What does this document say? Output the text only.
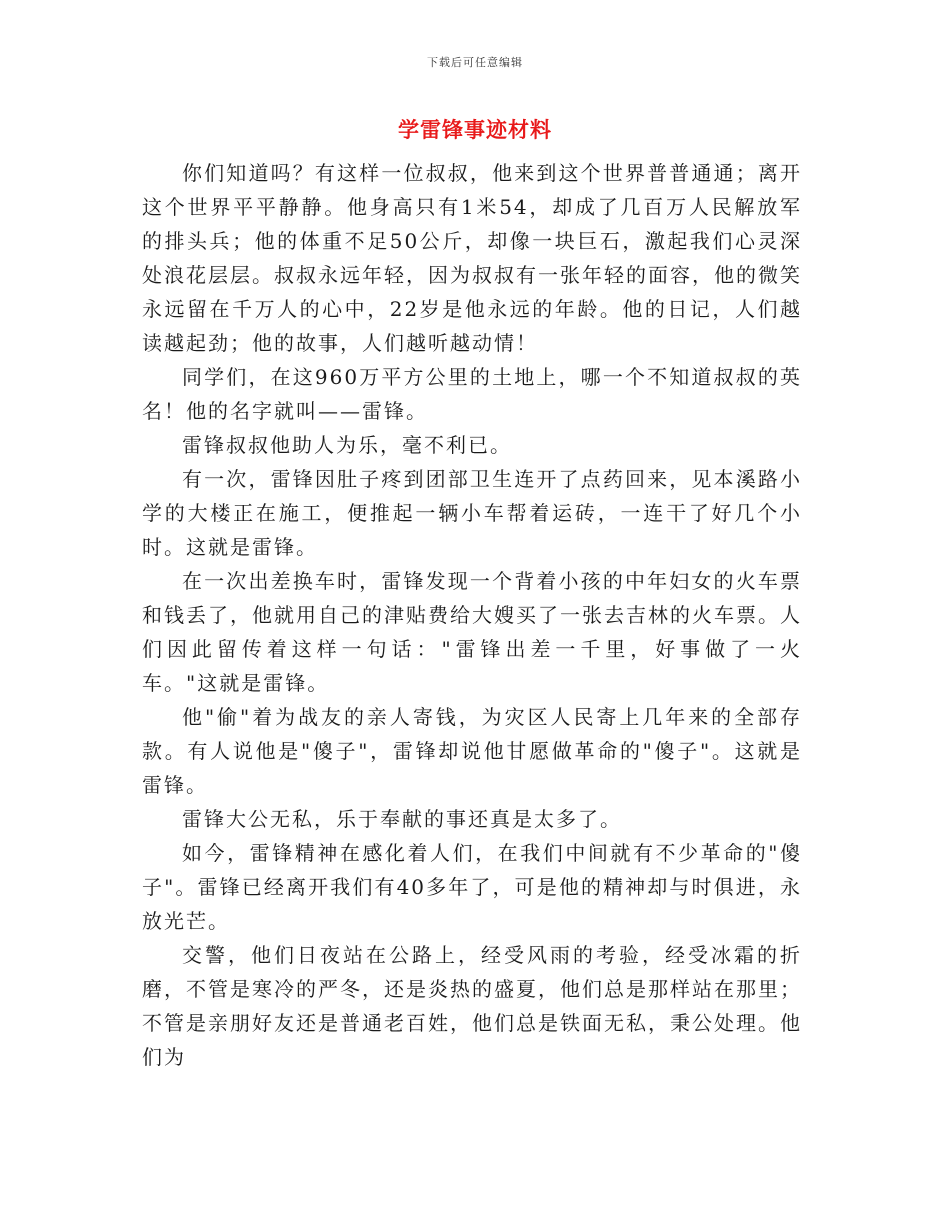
下载后可任意编辑
学雷锋事迹材料

你们知道吗？有这样一位叔叔，他来到这个世界普普通通；离开这个世界平平静静。他身高只有1米54，却成了几百万人民解放军的排头兵；他的体重不足50公斤，却像一块巨石，激起我们心灵深处浪花层层。叔叔永远年轻，因为叔叔有一张年轻的面容，他的微笑永远留在千万人的心中，22岁是他永远的年龄。他的日记，人们越读越起劲；他的故事，人们越听越动情！

同学们，在这960万平方公里的土地上，哪一个不知道叔叔的英名！他的名字就叫——雷锋。

雷锋叔叔他助人为乐，毫不利已。

有一次，雷锋因肚子疼到团部卫生连开了点药回来，见本溪路小学的大楼正在施工，便推起一辆小车帮着运砖，一连干了好几个小时。这就是雷锋。

在一次出差换车时，雷锋发现一个背着小孩的中年妇女的火车票和钱丢了，他就用自己的津贴费给大嫂买了一张去吉林的火车票。人们因此留传着这样一句话："雷锋出差一千里，好事做了一火车。"这就是雷锋。

他"偷"着为战友的亲人寄钱，为灾区人民寄上几年来的全部存款。有人说他是"傻子"，雷锋却说他甘愿做革命的"傻子"。这就是雷锋。

雷锋大公无私，乐于奉献的事还真是太多了。

如今，雷锋精神在感化着人们，在我们中间就有不少革命的"傻子"。雷锋已经离开我们有40多年了，可是他的精神却与时俱进，永放光芒。

交警，他们日夜站在公路上，经受风雨的考验，经受冰霜的折磨，不管是寒冷的严冬，还是炎热的盛夏，他们总是那样站在那里；不管是亲朋好友还是普通老百姓，他们总是铁面无私，秉公处理。他们为
